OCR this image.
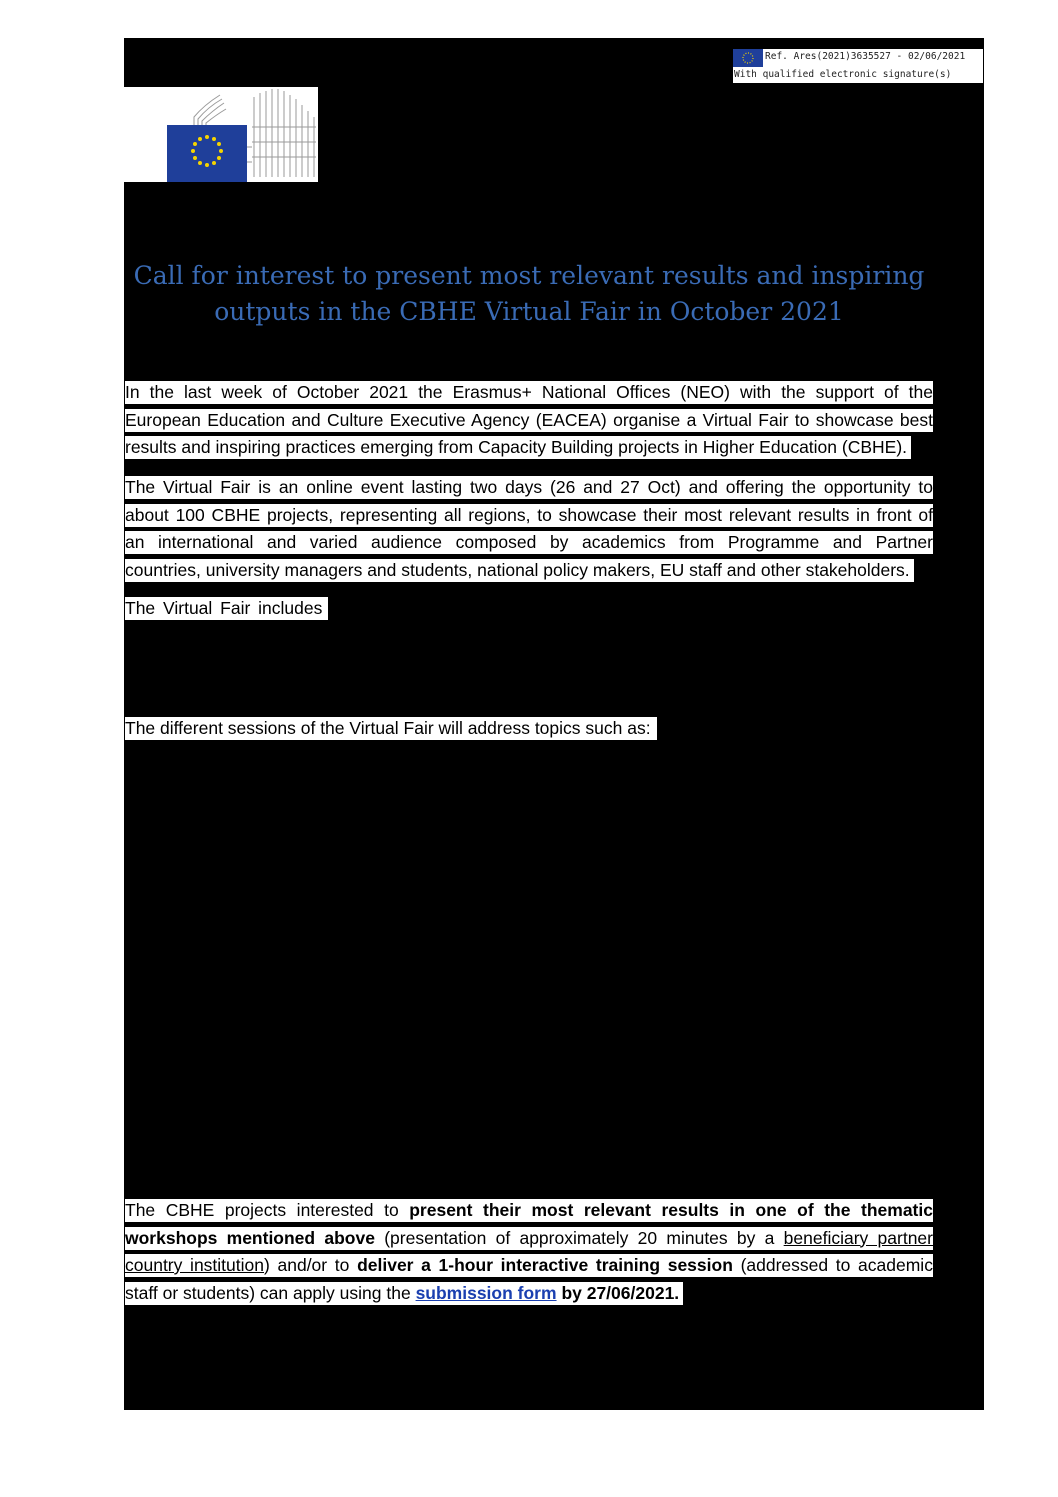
Ref. Ares(2021)3635527 - 02/06/2021
With qualified electronic signature(s)
Call for interest to present most relevant results and inspiring
outputs in the CBHE Virtual Fair in October 2021
In the last week of October 2021 the Erasmus+ National Offices (NEO) with the support of the
European Education and Culture Executive Agency (EACEA) organise a Virtual Fair to showcase best
results and inspiring practices emerging from Capacity Building projects in Higher Education (CBHE).
The Virtual Fair is an online event lasting two days (26 and 27 Oct) and offering the opportunity to
about 100 CBHE projects, representing all regions, to showcase their most relevant results in front of
an international and varied audience composed by academics from Programme and Partner
countries, university managers and students, national policy makers, EU staff and other stakeholders.
The Virtual Fair includes
The different sessions of the Virtual Fair will address topics such as:
The CBHE projects interested to present their most relevant results in one of the thematic
workshops mentioned above (presentation of approximately 20 minutes by a beneficiary partner
country institution) and/or to deliver a 1-hour interactive training session (addressed to academic
staff or students) can apply using the submission form by 27/06/2021.
